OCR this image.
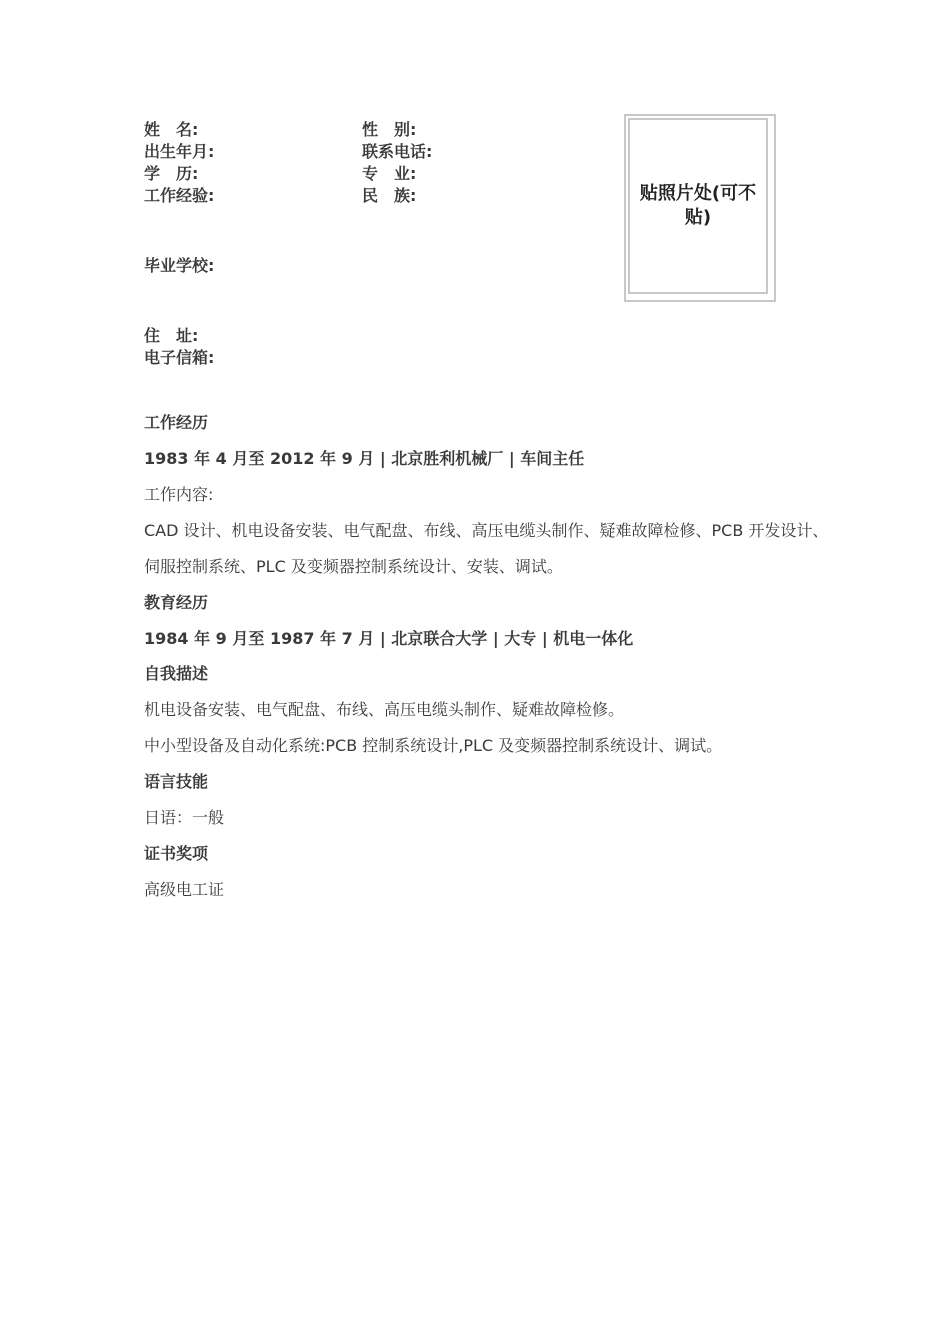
姓　名:	性　别:
出生年月:	联系电话:
学　历:	专　业:
工作经验:	民　族:
毕业学校:
住　址:
电子信箱:
贴照片处(可不贴)
工作经历
1983 年 4 月至 2012 年 9 月 | 北京胜利机械厂 | 车间主任
工作内容:
CAD 设计、机电设备安装、电气配盘、布线、高压电缆头制作、疑难故障检修、PCB 开发设计、
伺服控制系统、PLC 及变频器控制系统设计、安装、调试。
教育经历
1984 年 9 月至 1987 年 7 月 | 北京联合大学 | 大专 | 机电一体化
自我描述
机电设备安装、电气配盘、布线、高压电缆头制作、疑难故障检修。
中小型设备及自动化系统:PCB 控制系统设计,PLC 及变频器控制系统设计、调试。
语言技能
日语：一般
证书奖项
高级电工证
